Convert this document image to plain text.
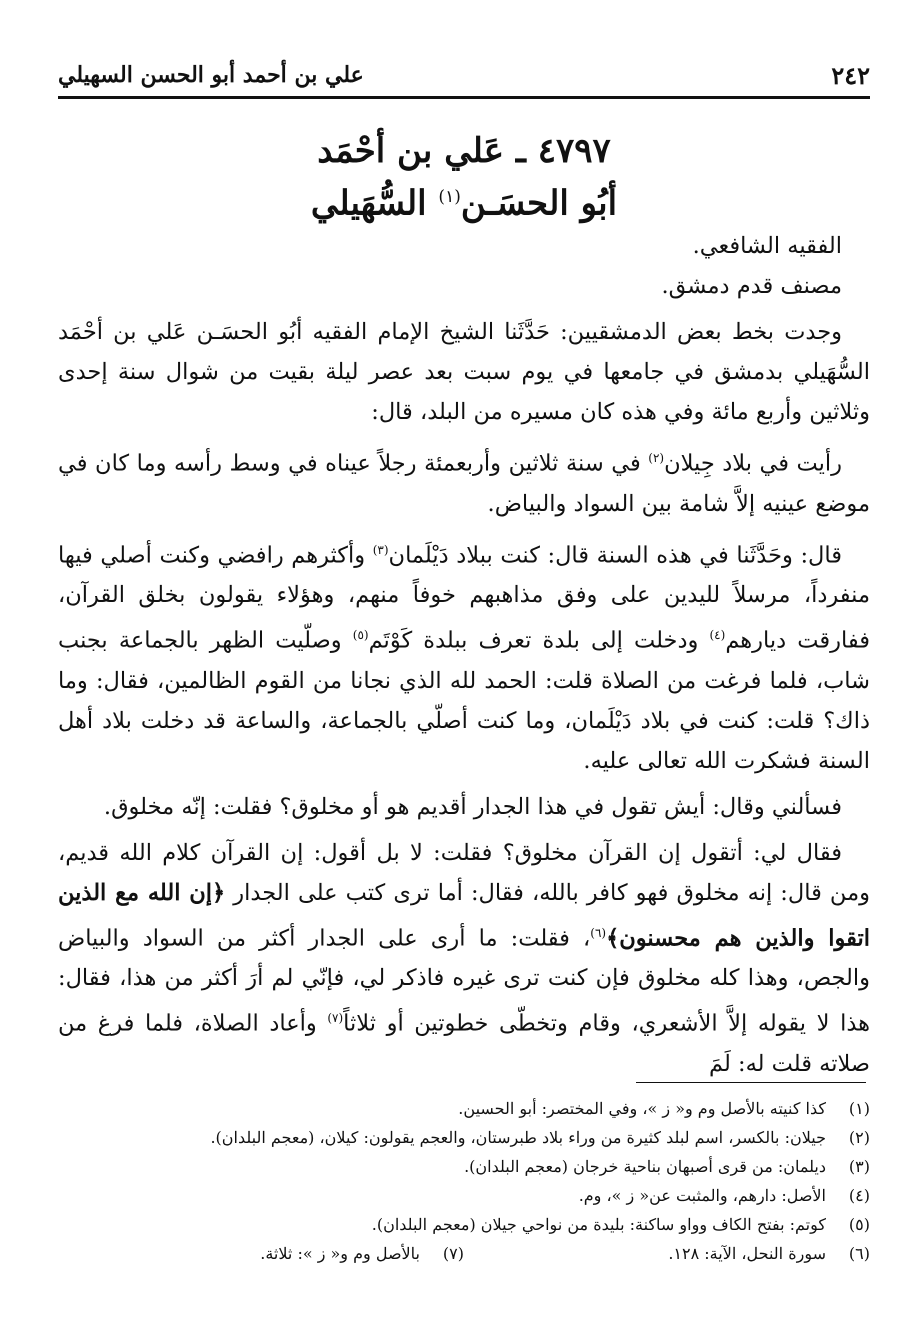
٢٤٢
علي بن أحمد أبو الحسن السهيلي
٤٧٩٧ ـ عَلي بن أحْمَد
أبُو الحسَـن$^{(١)}$ السُّهَيلي

الفقيه الشافعي.

مصنف قدم دمشق.

وجدت بخط بعض الدمشقيين: حَدَّثَنا الشيخ الإمام الفقيه أبُو الحسَـن عَلي بن أحْمَد السُّهَيلي بدمشق في جامعها في يوم سبت بعد عصر ليلة بقيت من شوال سنة إحدى وثلاثين وأربع مائة وفي هذه كان مسيره من البلد، قال:

رأيت في بلاد جِيلان$^{(٢)}$ في سنة ثلاثين وأربعمئة رجلاً عيناه في وسط رأسه وما كان في موضع عينيه إلاَّ شامة بين السواد والبياض.

قال: وحَدَّثَنا في هذه السنة قال: كنت ببلاد دَيْلَمان$^{(٣)}$ وأكثرهم رافضي وكنت أصلي فيها منفرداً، مرسلاً لليدين على وفق مذاهبهم خوفاً منهم، وهؤلاء يقولون بخلق القرآن، ففارقت ديارهم$^{(٤)}$ ودخلت إلى بلدة تعرف ببلدة كَوْتَم$^{(٥)}$ وصلّيت الظهر بالجماعة بجنب شاب، فلما فرغت من الصلاة قلت: الحمد لله الذي نجانا من القوم الظالمين، فقال: وما ذاك؟ قلت: كنت في بلاد دَيْلَمان، وما كنت أصلّي بالجماعة، والساعة قد دخلت بلاد أهل السنة فشكرت الله تعالى عليه.

فسألني وقال: أيش تقول في هذا الجدار أقديم هو أو مخلوق؟ فقلت: إنّه مخلوق.

فقال لي: أتقول إن القرآن مخلوق؟ فقلت: لا بل أقول: إن القرآن كلام الله قديم، ومن قال: إنه مخلوق فهو كافر بالله، فقال: أما ترى كتب على الجدار ﴿إن الله مع الذين اتقوا والذين هم محسنون﴾$^{(٦)}$، فقلت: ما أرى على الجدار أكثر من السواد والبياض والجص، وهذا كله مخلوق فإن كنت ترى غيره فاذكر لي، فإنّي لم أرَ أكثر من هذا، فقال: هذا لا يقوله إلاَّ الأشعري، وقام وتخطّى خطوتين أو ثلاثاً$^{(٧)}$ وأعاد الصلاة، فلما فرغ من صلاته قلت له: لَمَ

(١)
كذا كنيته بالأصل وم و« ز »، وفي المختصر: أبو الحسين.
(٢)
جيلان: بالكسر، اسم لبلد كثيرة من وراء بلاد طبرستان، والعجم يقولون: كيلان، (معجم البلدان).
(٣)
ديلمان: من قرى أصبهان بناحية خرجان (معجم البلدان).
(٤)
الأصل: دارهم، والمثبت عن« ز »، وم.
(٥)
كوتم: بفتح الكاف وواو ساكنة: بليدة من نواحي جيلان (معجم البلدان).
(٦)
سورة النحل، الآية: ١٢٨.
(٧)
بالأصل وم و« ز »: ثلاثة.
